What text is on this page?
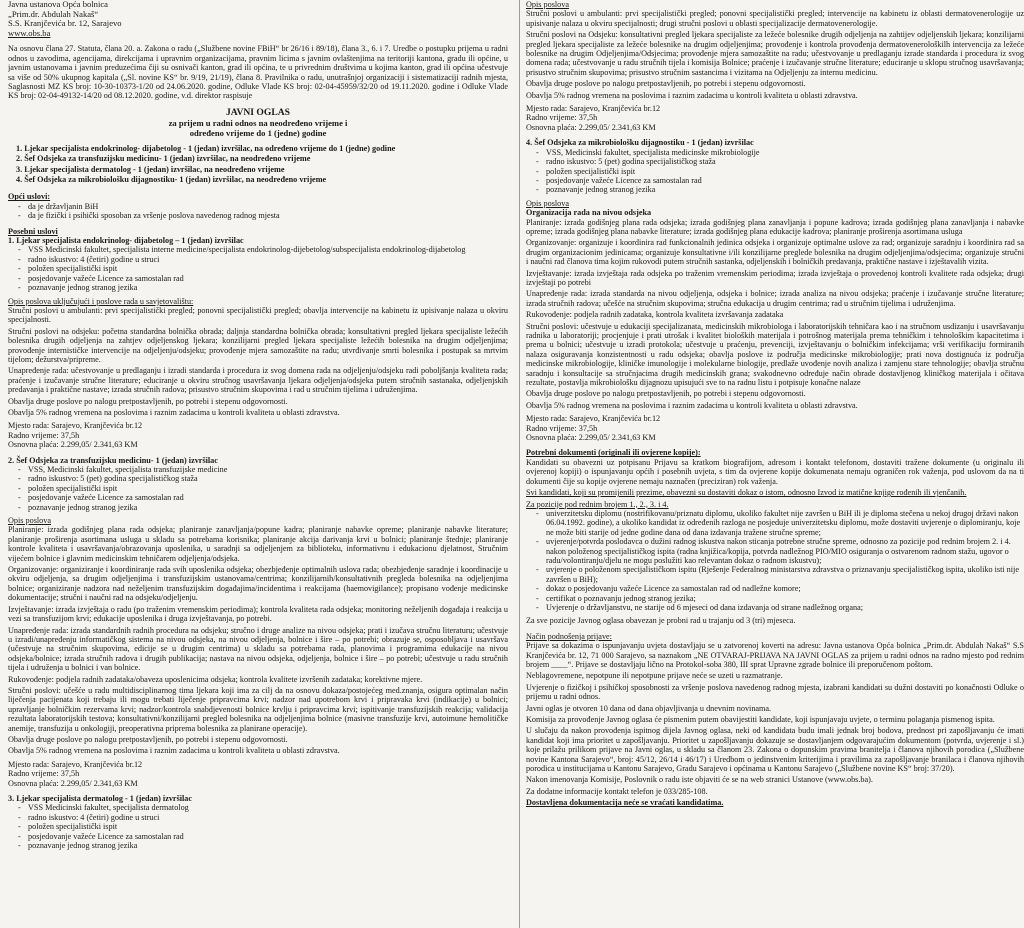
Javna ustanova Opća bolnica
„Prim.dr. Abdulah Nakaš“
S.S. Kranjčevića br. 12, Sarajevo
www.obs.ba

Na osnovu člana 27. Statuta, člana 20. a. Zakona o radu („Službene novine FBiH“ br 26/16 i 89/18), člana 3., 6. i 7. Uredbe o postupku prijema u radni odnos u zavodima, agencijama, direkcijama i upravnim organizacijama, pravnim licima s javnim ovlaštenjima na teritoriji kantona, gradu ili općine, u javnim ustanovama i javnim preduzećima čiji su osnivači kanton, grad ili općina, te u privrednim društvima u kojima kanton, grad ili općina učestvuje sa više od 50% ukupnog kapitala („Sl. novine KS“ br. 9/19, 21/19), člana 8. Pravilnika o radu, unutrašnjoj organizaciji i sistematizaciji radnih mjesta, Saglasnosti MZ KS broj: 10-30-10373-1/20 od 24.06.2020. godine, Odluke Vlade KS broj: 02-04-45959/32/20 od 19.11.2020. godine i Odluke Vlade KS broj: 02-04-49132-14/20 od 08.12.2020. godine, v.d. direktor raspisuje

JAVNI OGLAS
za prijem u radni odnos na neodređeno vrijeme i
određeno vrijeme do 1 (jedne) godine
1. Ljekar specijalista endokrinolog- dijabetolog - 1 (jedan) izvršilac, na određeno vrijeme do 1 (jedne) godine
2. Šef Odsjeka za transfuzijsku medicinu- 1 (jedan) izvršilac, na neodređeno vrijeme
3. Ljekar specijalista dermatolog - 1 (jedan) izvršilac, na neodređeno vrijeme
4. Šef Odsjeka za mikrobiološku dijagnostiku- 1 (jedan) izvršilac, na neodređeno vrijeme
Opći uslovi:
- da je državljanin BiH
- da je fizički i psihički sposoban za vršenje poslova navedenog radnog mjesta
Posebni uslovi
1. Ljekar specijalista endokrinolog- dijabetolog – 1 (jedan) izvršilac
- VSS Medicinski fakultet, specijalista interne medicine/specijalista endokrinolog-dijebetolog/subspecijalista endokrinolog-dijabetolog
- radno iskustvo: 4 (četiri) godine u struci
- položen specijalistički ispit
- posjedovanje važeće Licence za samostalan rad
- poznavanje jednog stranog jezika
Opis poslova uključujući i poslove rada u savjetovalištu:

Stručni poslovi u ambulanti: prvi specijalistički pregled; ponovni specijalistički pregled; obavlja intervencije na kabinetu iz upisivanje nalaza u okviru specijalnosti.

Stručni poslovi na odsjeku: početna standardna bolnička obrada; daljnja standardna bolnička obrada; konsultativni pregled ljekara specijaliste ležećih bolesnika drugih odjeljenja na zahtjev odjeljenskog ljekara; konzilijarni pregled ljekara specijaliste ležećih bolesnika na drugim odjeljenjima; provođenje internističke intervencije na odjeljenju/odsjeku; provođenje mjera samozaštite na radu; utvrđivanje smrti bolesnika i postupak sa mrtvim tijelom; dežurstva/pripreme.

Unapređenje rada: učestvovanje u predlaganju i izradi standarda i procedura iz svog domena rada na odjeljenju/odsjeku radi poboljšanja kvaliteta rada; praćenje i izučavanje stručne literature; educiranje u okviru stručnog usavršavanja ljekara odjeljenja/odsjeka putem stručnih sastanaka, odjeljenjskih predavanja i praktične nastave; izrada stručnih radova; prisustvo stručnim skupovima i rad u stručnim tijelima i udruženjima.

Obavlja druge poslove po nalogu pretpostavljenih, po potrebi i stepenu odgovornosti.

Obavlja 5% radnog vremena na poslovima i raznim zadacima u kontroli kvaliteta u oblasti zdravstva.

Mjesto rada: Sarajevo, Kranjčevića br.12
Radno vrijeme: 37,5h
Osnovna plaća: 2.299,05/ 2.341,63 KM
2. Šef Odsjeka za transfuzijsku medicinu- 1 (jedan) izvršilac
- VSS, Medicinski fakultet, specijalista transfuzijske medicine
- radno iskustvo: 5 (pet) godina specijalističkog staža
- položen specijalistički ispit
- posjedovanje važeće Licence za samostalan rad
- poznavanje jednog stranog jezika
Opis poslova

Planiranje: izrada godišnjeg plana rada odsjeka; planiranje zanavljanja/popune kadra; planiranje nabavke opreme; planiranje nabavke literature; planiranje proširenja asortimana usluga u skladu sa potrebama korisnika; planiranje akcija darivanja krvi u bolnici; planiranje štednje; planiranje kontrole kvaliteta i usavršavanja/obrazovanja uposlenika, u saradnji sa odjeljenjem za biblioteku, informativnu i edukacionu djelatnost, Stručnim vijećem bolnice i glavnim medicinskim tehničarem odjeljenja/odsjeka.

Organizovanje: organiziranje i koordiniranje rada svih uposlenika odsjeka; obezbjeđenje optimalnih uslova rada; obezbjeđenje saradnje i koordinacije u okviru odjeljenja, sa drugim odjeljenjima i transfuzijskim ustanovama/centrima; konzilijarnih/konsultativnih pregleda bolesnika na odjeljenjima bolnice; organiziranje nadzora nad neželjenim transfuzijskim događajima/incidentima i reakcijama (haemovigilance); propisano vođenje medicinske dokumentacije; stručni i naučni rad na odsjeku/odjeljenju.

Izvještavanje: izrada izvještaja o radu (po traženim vremenskim periodima); kontrola kvaliteta rada odsjeka; monitoring neželjenih događaja i reakcija u vezi sa transfuzijom krvi; edukacije uposlenika i druga izvještavanja, po potrebi.

Unapređenje rada: izrada standardnih radnih procedura na odsjeku; stručno i druge analize na nivou odsjeka; prati i izučava stručnu literaturu; učestvuje u izradi/unapređenju informatičkog sistema na nivou odsjeka, na nivou odjeljenja, bolnice i šire – po potrebi; obrazuje se, osposobljava i usavršava (učestvuje na stručnim skupovima, edicije se u drugim centrima) u skladu sa potrebama rada, planovima i programima edukacije na nivou odsjeka/bolnice; izrada stručnih radova i drugih publikacija; nastava na nivou odsjeka, odjeljenja, bolnice i šire – po potrebi; učestvuje u radu stručnih tijela i udruženja u bolnici i van bolnice.

Rukovođenje: podjela radnih zadataka/obaveza uposlenicima odsjeka; kontrola kvalitete izvršenih zadataka; korektivne mjere.

Stručni poslovi: učešće u radu multidisciplinarnog tima ljekara koji ima za cilj da na osnovu dokaza/postojećeg med.znanja, osigura optimalan način liječenja pacijenata koji trebaju ili mogu trebati liječenje pripravcima krvi; nadzor nad upotrebom krvi i pripravaka krvi (indikacije) u bolnici; upravljanje bolničkim rezervama krvi; nadzor/kontrola snabdjevenosti bolnice krvlju i pripravcima krvi; ispitivanje transfuzijskih reakcija; validacija rezultata laboratorijskih testova; konsultativni/konzilijarni pregled bolesnika na odjeljenjima bolnice (masivne transfuzije krvi, autoimune hemolitičke anemije, transfuzija u onkologiji, preoperativna priprema bolesnika za planirane operacije).

Obavlja druge poslove po nalogu pretpostavljenih, po potrebi i stepenu odgovornosti.

Obavlja 5% radnog vremena na poslovima i raznim zadacima u kontroli kvaliteta u oblasti zdravstva.

Mjesto rada: Sarajevo, Kranjčevića br.12
Radno vrijeme: 37,5h
Osnovna plaća: 2.299,05/ 2.341,63 KM
3. Ljekar specijalista dermatolog - 1 (jedan) izvršilac
- VSS Medicinski fakultet, specijalista dermatolog
- radno iskustvo: 4 (četiri) godine u struci
- položen specijalistički ispit
- posjedovanje važeće Licence za samostalan rad
- poznavanje jednog stranog jezika
Opis poslova

Stručni poslovi u ambulanti: prvi specijalistički pregled; ponovni specijalistički pregled; intervencije na kabinetu iz oblasti dermatovenerologije uz upisivanje nalaza u okviru specijalnosti; drugi stručni poslovi u oblasti specijalizacije dermatovenerologije.

Stručni poslovi na Odsjeku: konsultativni pregled ljekara specijaliste za ležeće bolesnike drugih odjeljenja na zahtijev odjeljenskih ljekara; konzilijarni pregled ljekara specijaliste za ležeće bolesnike na drugim odjeljenjima; provođenje i kontrola provođenja dermatovenerološkilh intervencija za ležeće bolesnike na drugim Odjeljenjima/Odsjecima; provođenje mjera samozaštite na radu; učestvovanje u predlaganju izrade standarda i procedura iz svog domena rada; učestvovanje u radu stručnih tijela i komisija Bolnice; praćenje i izučavanje stručne literature; educiranje u sklopu stručnog usavršavanja; prisustvo stručnim skupovima; prisustvo stručnim sastancima i vizitama na Odjeljenju za internu medicinu.

Obavlja druge poslove po nalogu pretpostavljenih, po potrebi i stepenu odgovornosti.

Obavlja 5% radnog vremena na poslovima i raznim zadacima u kontroli kvaliteta u oblasti zdravstva.

Mjesto rada: Sarajevo, Kranjčevića br.12
Radno vrijeme: 37,5h
Osnovna plaća: 2.299,05/ 2.341,63 KM
4. Šef Odsjeka za mikrobiološku dijagnostiku - 1 (jedan) izvršilac
- VSS, Medicinski fakultet, specijalista medicinske mikrobiologije
- radno iskustvo: 5 (pet) godina specijalističkog staža
- položen specijalistički ispit
- posjedovanje važeće Licence za samostalan rad
- poznavanje jednog stranog jezika
Opis poslova
Organizacija rada na nivou odsjeka

Planiranje: izrada godišnjeg plana rada odsjeka; izrada godišnjeg plana zanavljanja i popune kadrova; izrada godišnjeg plana zanavljanja i nabavke opreme; izrada godišnjeg plana nabavke literature; izrada godišnjeg plana edukacije kadrova; planiranje proširenja asortimana usluga

Organizovanje: organizuje i koordinira rad funkcionalnih jedinica odsjeka i organizuje optimalne uslove za rad; organizuje saradnju i koordinira rad sa drugim organizacionim jedinicama; organizuje konsultativne i/ili konzilijarne preglede bolesnika na drugim odjeljenjima/odsjecima; organizuje stručni i naučni rad članova tima kojim rukovodi putem stručnih sastanka, odjeljenskih i bolničkih predavanja, praktične nastave i izještavalih vizita.

Izvještavanje: izrada izvještaja rada odsjeka po traženim vremenskim periodima; izrada izvještaja o provedenoj kontroli kvalitete rada odsjeka; drugi izvještaji po potrebi

Unapređenje rada: izrada standarda na nivou odjeljenja, odsjeka i bolnice; izrada analiza na nivou odsjeka; praćenje i izučavanje stručne literature; izrada stručnih radova; učešće na stručnim skupovima; stručna edukacija u drugim centrima; rad u stručnim tijelima i udruženjima.

Rukovođenje: podjela radnih zadataka, kontrola kvaliteta izvršavanja zadataka

Stručni poslovi: učestvuje u edukaciji specijalizanata, medicinskih mikrobiologa i laboratorijskih tehničara kao i na stručnom usdizanju i usavršavanju radnika u laboratoriji; procjenjuje i prati utrošak i kvalitet bioloških materijala i potrošnog materijala prema tehničkim i tehnološkim kapacitetima i prema u bolnici; učestvuje u izradi protokola; učestvuje u praćenju, prevenciji, izvještavanju o bolničkim infekcijama; vrši verifikaciju formiranih nalaza osiguravanja konzistentnosti u radu odsjeka; obavlja poslove iz područja medicinske mikrobiologije; prati nova dostignuća iz područja medicinske mikrobiologije, kliničke imunologije i molekularne biologije, predlaže uvođenje novih analiza i zamjenu stare tehnologije; obavlja stručnu saradnju i konsultacije sa stručnjacima drugih medicinskih grana; svakodnevno određuje način obrade dostavljenog kliničkog materijala i očitava rezultate, postavlja mikrobiološku dijagnozu upisujući sve to na radnu listu i potpisuje konačne nalaze

Obavlja druge poslove po nalogu pretpostavljenih, po potrebi i stepenu odgovornosti.

Obavlja 5% radnog vremena na poslovima i raznim zadacima u kontroli kvaliteta u oblasti zdravstva.

Mjesto rada: Sarajevo, Kranjčevića br.12
Radno vrijeme: 37,5h
Osnovna plaća: 2.299,05/ 2.341,63 KM
Potrebni dokumenti (originali ili ovjerene kopije):

Kandidati su obavezni uz potpisanu Prijavu sa kratkom biografijom, adresom i kontakt telefonom, dostaviti tražene dokumente (u originalu ili ovjerenoj kopiji) o ispunjavanju općih i posebnih uvjeta, s tim da ovjerene kopije dokumenata nemaju ograničen rok važenja, pod uslovom da na ti dokumenti čije su kopije ovjerene nemaju naznačen (preciziran) rok važenja.

Svi kandidati, koji su promijenili prezime, obavezni su dostaviti dokaz o istom, odnosno Izvod iz matične knjige rođenih ili vjenčanih.

Za pozicije pod rednim brojem 1., 2., 3. i 4.
- univerzitetsku diplomu (nostrifikovanu/priznatu diplomu, ukoliko fakultet nije završen u BiH ili je diploma stečena u nekoj drugoj državi nakon 06.04.1992. godine), a ukoliko kandidat iz određenih razloga ne posjeduje univerzitetsku diplomu, može dostaviti uvjerenje o diplomiranju, koje ne može biti starije od jedne godine dana od dana izdavanja tražene stručne spreme;
- uvjerenje/potvrda poslodavca o dužini radnog iskustva nakon sticanja potrebne stručne spreme, odnosno za pozicije pod rednim brojem 2. i 4. nakon položenog specijalističkog ispita (radna knjižica/kopija, potvrda nadležnog PIO/MIO osiguranja o ostvarenom radnom stažu, ugovor o radu/volontiranju/djelu ne mogu poslužiti kao relevantan dokaz o radnom iskustvu);
- uvjerenje o položenom specijalističkom ispitu (Rješenje Federalnog ministarstva zdravstva o priznavanju specijalističkog ispita, ukoliko isti nije završen u BiH);
- dokaz o posjedovanju važeće Licence za samostalan rad od nadležne komore;
- certifikat o poznavanju jednog stranog jezika;
- Uvjerenje o državljanstvu, ne starije od 6 mjeseci od dana izdavanja od strane nadležnog organa;

Za sve pozicije Javnog oglasa obavezan je probni rad u trajanju od 3 (tri) mjeseca.

Način podnošenja prijave:

Prijave sa dokazima o ispunjavanju uvjeta dostavljaju se u zatvorenoj koverti na adresu: Javna ustanova Opća bolnica „Prim.dr. Abdulah Nakaš“ S.S Kranjčevića br. 12, 71 000 Sarajevo, sa naznakom „NE OTVARAJ-PRIJAVA NA JAVNI OGLAS za prijem u radni odnos na radno mjesto pod rednim brojem ____“. Prijave se dostavljaju lično na Protokol-soba 380, III sprat Upravne zgrade bolnice ili preporučenom poštom.

Neblagovremene, nepotpune ili nepotpune prijave neće se uzeti u razmatranje.

Uvjerenje o fizičkoj i psihičkoj sposobnosti za vršenje poslova navedenog radnog mjesta, izabrani kandidati su dužni dostaviti po konačnosti Odluke o prijemu u radni odnos.

Javni oglas je otvoren 10 dana od dana objavljivanja u dnevnim novinama.

Komisija za provođenje Javnog oglasa će pismenim putem obavijestiti kandidate, koji ispunjavaju uvjete, o terminu polaganja pismenog ispita.

U slučaju da nakon provođenja ispitnog dijela Javnog oglasa, neki od kandidata budu imali jednak broj bodova, prednost pri zapošljavanju će imati kandidat koji ima prioritet u zapošljavanju. Prioritet u zapošljavanju dokazuje se dostavljanjem odgovarajućim dokumentom (potvrda, uvjerenje i sl.) koje prilažu prilikom prijave na Javni oglas, u skladu sa članom 23. Zakona o dopunskim pravima branitelja i članova njihovih porodica („Službene novine Kantona Sarajevo“, broj: 45/12, 26/14 i 46/17) i Uredbom o jedinstvenim kriterijima i pravilima za zapošljavanje branilaca i članova njihovih porodica u institucijama u Kantonu Sarajevo, Gradu Sarajevo i općinama u Kantonu Sarajevo („Službene novine KS“ broj: 37/20).

Nakon imenovanja Komisije, Poslovnik o radu iste objaviti će se na web stranici Ustanove (www.obs.ba).

Za dodatne informacije kontakt telefon je 033/285-108.

Dostavljena dokumentacija neće se vraćati kandidatima.
